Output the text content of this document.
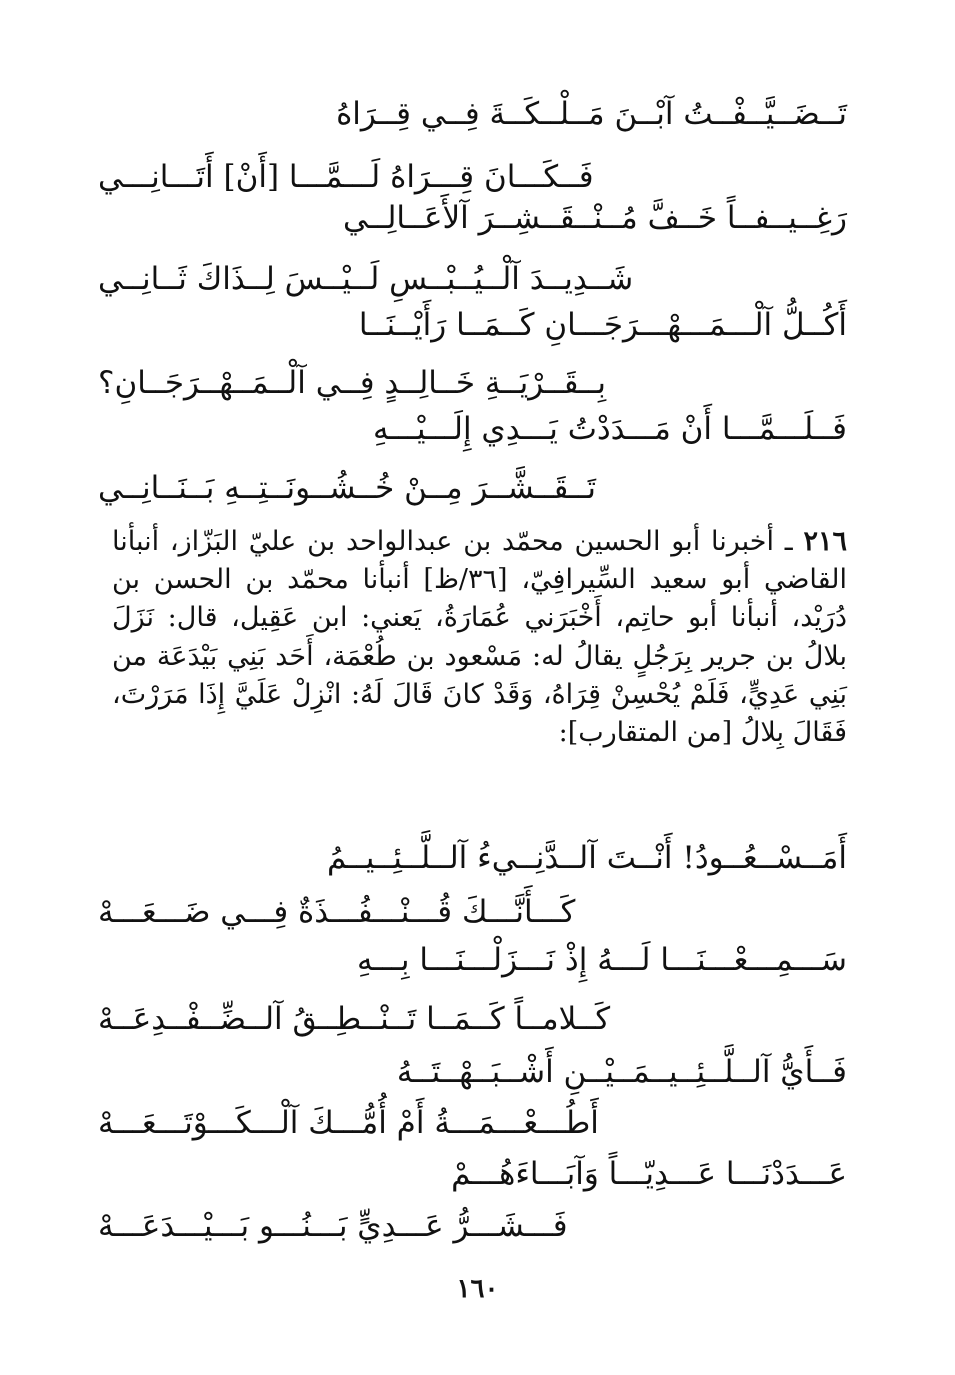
تَــضَــيَّــفْــتُ آبْــنَ مَــلْــكَــةَ فِــي قِــرَاهُ
فَــكَـــانَ قِـــرَاهُ لَـــمَّـــا [أَنْ] أَتَـــانِـــي
رَغِــيــفــاً خَــفَّ مُــنْــقَــشِــرَ آلأَعَــالِــي
شَــدِيــدَ آلْــيُــبْــسِ لَــيْــسَ لِــذَاكَ ثَــانِــي
أَكُــلُّ آلْـــمَـــهْـــرَجَـــانِ كَــمَــا رَأَيْــنَــا
بِــقَــرْيَــةِ خَــالِــدٍ فِــي آلْــمَــهْــرَجَــانِ؟
فَــلَـــمَّـــا أَنْ مَـــدَدْتُ يَـــدِي إِلَـــيْـــهِ
تَــقَــشَّــرَ مِــنْ خُــشُــونَــتِــهِ بَــنَــانِــي

٢١٦ ـ أخبرنا أبو الحسين محمّد بن عبدالواحد بن عليّ البَزّاز، أنبأنا القاضي أبو سعيد السِّيرافِيّ، [٣٦/ظ] أنبأنا محمّد بن الحسن بن دُرَيْد، أنبأنا أبو حاتِم، أَخْبَرَني عُمَارَةُ، يَعني: ابن عَقِيل، قال: نَزَلَ بلالُ بن جرير بِرَجُلٍ يقالُ له: مَسْعود بن طُعْمَة، أَحَد بَنِي بَيْدَعَة من بَنِي عَدِيٍّ، فَلَمْ يُحْسِنْ قِرَاهُ، وَقَدْ كانَ قَالَ لَهُ: انْزِلْ عَلَيَّ إِذَا مَرَرْتَ، فَقَالَ بِلالُ [من المتقارب]:

أَمَــسْــعُــودُ! أَنْــتَ آلــدَّنِــيءُ آلــلَّــئِــيــمُ
كَـــأَنَّـــكَ قُـــنْـــفُـــذَةٌ فِـــي ضَـــعَـــهْ
سَـــمِـــعْـــنَـــا لَـــهُ إِذْ نَـــزَلْـــنَـــا بِـــهِ
كَــلامــاً كَــمَــا تَــنْــطِــقُ آلــضِّــفْــدِعَــهْ
فَــأَيُّ آلــلَّــئِــيــمَــيْــنِ أَشْــبَــهْــتَــهُ
أَطُـــعْـــمَـــةُ أَمْ أُمُّـــكَ آلْـــكَـــوْتَـــعَـــهْ
عَـــدَدْنَـــا عَـــدِيّـــاً وَآبَـــاءَهُـــمْ
فَـــشَـــرُّ عَـــدِيٍّ بَـــنُـــو بَـــيْـــدَعَـــهْ
١٦٠
